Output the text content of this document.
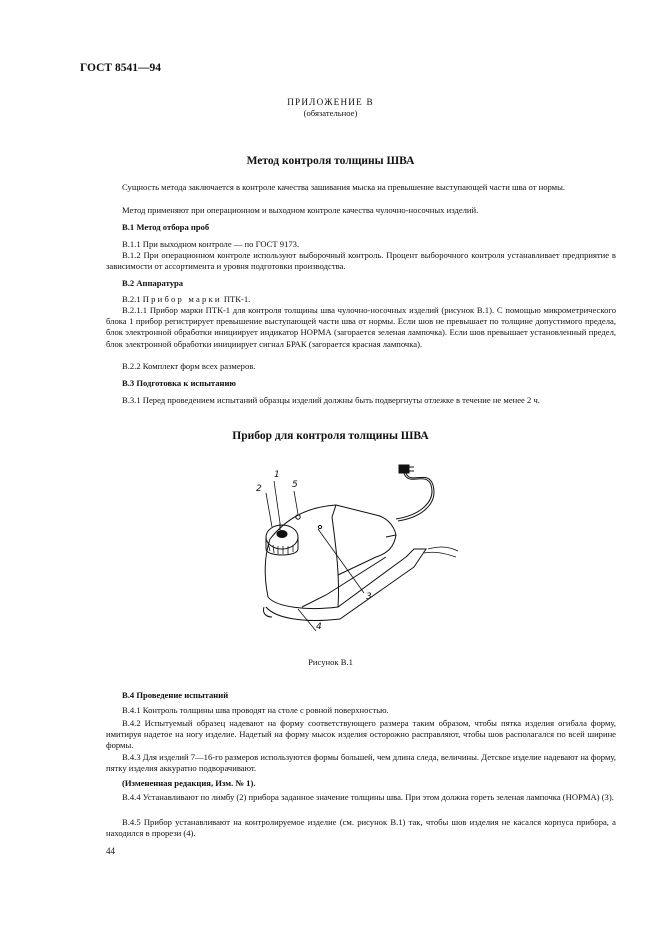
ГОСТ 8541—94
ПРИЛОЖЕНИЕ В
(обязательное)
Метод контроля толщины ШВА
Сущность метода заключается в контроле качества зашивания мыска на превышение выступающей части шва от нормы.
Метод применяют при операционном и выходном контроле качества чулочно-носочных изделий.
В.1 Метод отбора проб
В.1.1 При выходном контроле — по ГОСТ 9173.
В.1.2 При операционном контроле используют выборочный контроль. Процент выборочного контроля устанавливает предприятие в зависимости от ассортимента и уровня подготовки производства.
В.2 Аппаратура
В.2.1 Прибор марки ПТК-1.
В.2.1.1 Прибор марки ПТК-1 для контроля толщины шва чулочно-носочных изделий (рисунок В.1). С помощью микрометрического блока 1 прибор регистрирует превышение выступающей части шва от нормы. Если шов не превышает по толщине допустимого предела, блок электронной обработки инициирует индикатор НОРМА (загорается зеленая лампочка). Если шов превышает установленный предел, блок электронной обработки инициирует сигнал БРАК (загорается красная лампочка).
В.2.2 Комплект форм всех размеров.
В.3 Подготовка к испытанию
В.3.1 Перед проведением испытаний образцы изделий должны быть подвергнуты отлежке в течение не менее 2 ч.
Прибор для контроля толщины ШВА
1
2
3
4
5
Рисунок В.1
В.4 Проведение испытаний
В.4.1 Контроль толщины шва проводят на столе с ровной поверхностью.
В.4.2 Испытуемый образец надевают на форму соответствующего размера таким образом, чтобы пятка изделия огибала форму, имитируя надетое на ногу изделие. Надетый на форму мысок изделия осторожно расправляют, чтобы шов располагался по всей ширине формы.
В.4.3 Для изделий 7—16-го размеров используются формы большей, чем длина следа, величины. Детское изделие надевают на форму, пятку изделия аккуратно подворачивают.
(Измененная редакция, Изм. № 1).
В.4.4 Устанавливают по лимбу (2) прибора заданное значение толщины шва. При этом должна гореть зеленая лампочка (НОРМА) (3).
В.4.5 Прибор устанавливают на контролируемое изделие (см. рисунок В.1) так, чтобы шов изделия не касался корпуса прибора, а находился в прорези (4).
44
